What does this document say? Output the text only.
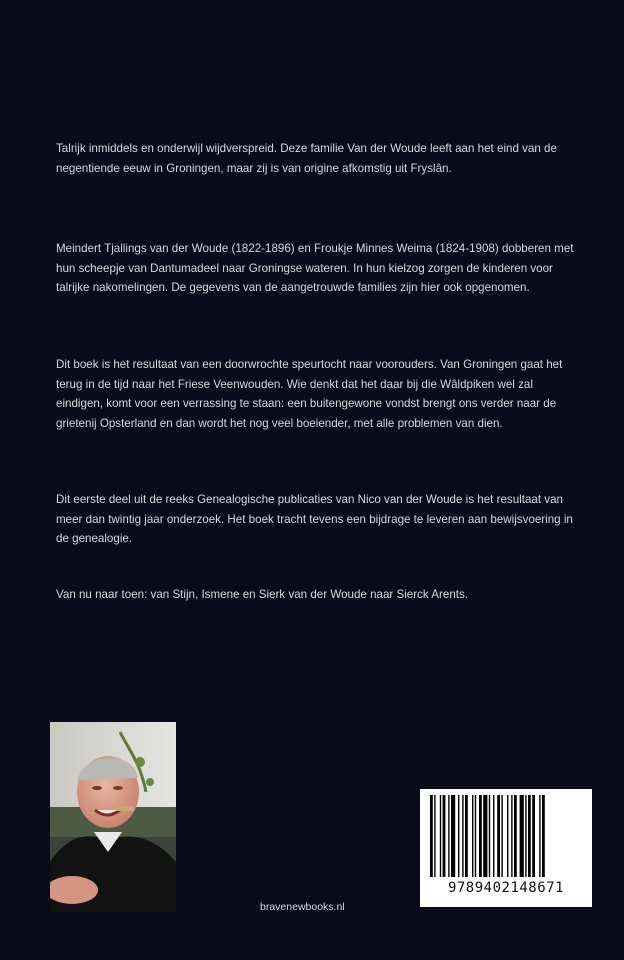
Talrijk inmiddels en onderwijl wijdverspreid. Deze familie Van der Woude leeft aan het eind van de negentiende eeuw in Groningen, maar zij is van origine afkomstig uit Fryslân.

Meindert Tjallings van der Woude (1822-1896) en Froukje Minnes Weima (1824-1908) dobberen met hun scheepje van Dantumadeel naar Groningse wateren. In hun kielzog zorgen de kinderen voor talrijke nakomelingen. De gegevens van de aangetrouwde families zijn hier ook opgenomen.

Dit boek is het resultaat van een doorwrochte speurtocht naar voorouders. Van Groningen gaat het terug in de tijd naar het Friese Veenwouden. Wie denkt dat het daar bij die Wâldpiken wel zal eindigen, komt voor een verrassing te staan: een buitengewone vondst brengt ons verder naar de grietenij Opsterland en dan wordt het nog veel boeiender, met alle problemen van dien.

Dit eerste deel uit de reeks Genealogische publicaties van Nico van der Woude is het resultaat van meer dan twintig jaar onderzoek. Het boek tracht tevens een bijdrage te leveren aan bewijsvoering in de genealogie.

Van nu naar toen: van Stijn, Ismene en Sierk van der Woude naar Sierck Arents.

9789402148671
bravenewbooks.nl
